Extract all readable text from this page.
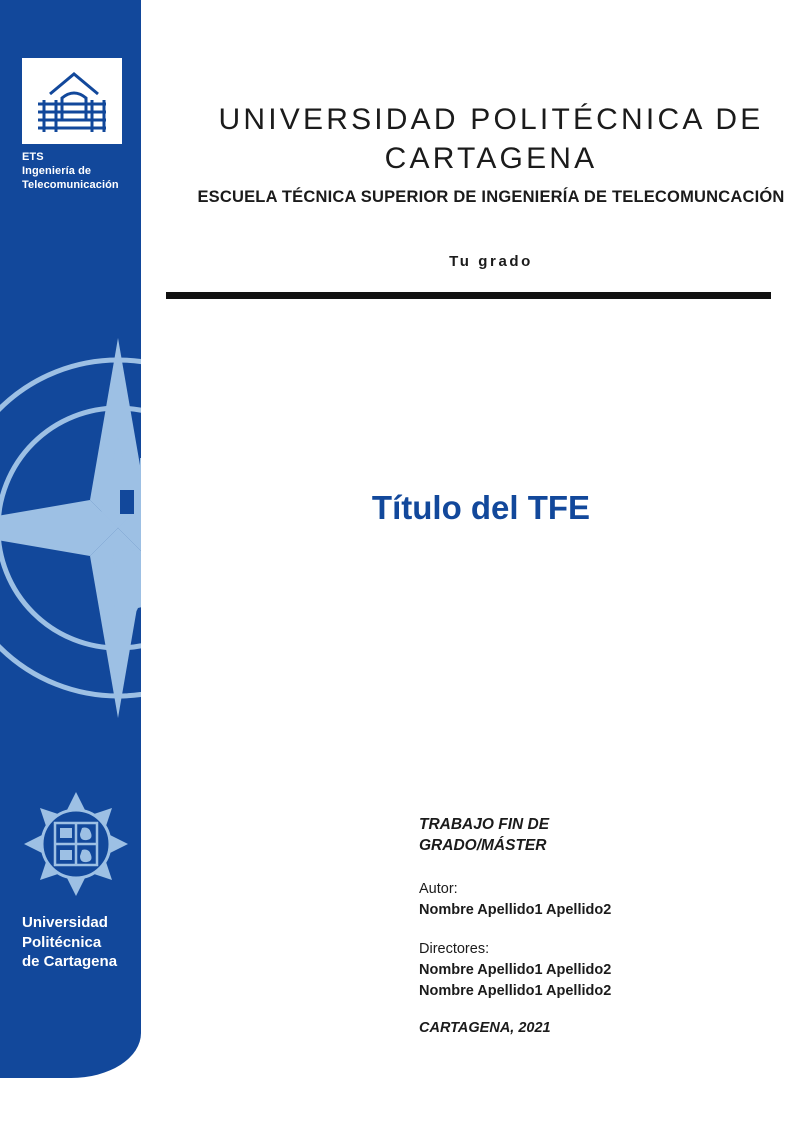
ETS
Ingeniería de
Telecomunicación
Universidad
Politécnica
de Cartagena
UNIVERSIDAD POLITÉCNICA DE CARTAGENA
ESCUELA TÉCNICA SUPERIOR DE INGENIERÍA DE TELECOMUNCACIÓN
Tu grado
Título del TFE
TRABAJO FIN DE
GRADO/MÁSTER
Autor:
Nombre Apellido1 Apellido2
Directores:
Nombre Apellido1 Apellido2
Nombre Apellido1 Apellido2
CARTAGENA, 2021
